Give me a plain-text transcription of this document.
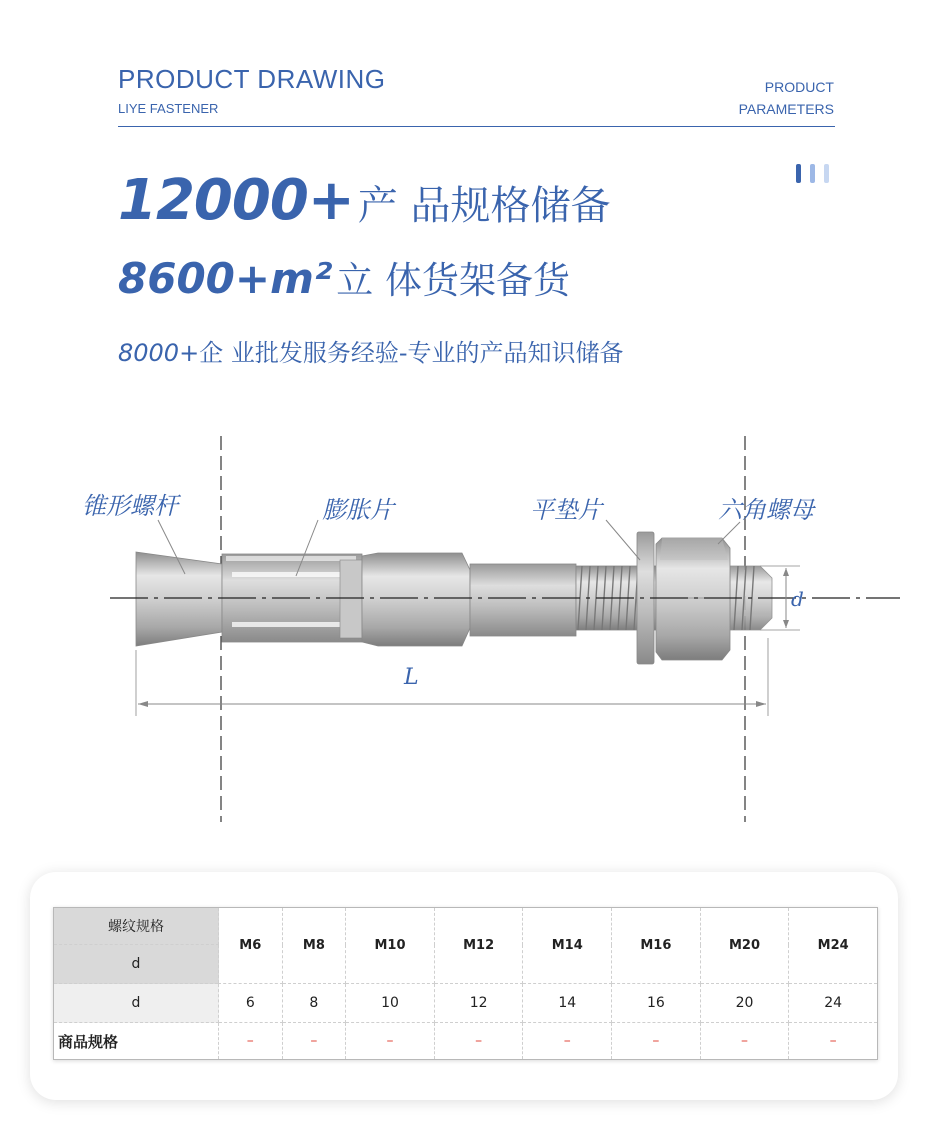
PRODUCT DRAWING
LIYE FASTENER
PRODUCT
PARAMETERS
12000+ 产 品规格储备
8600+m² 立 体货架备货
8000+企 业批发服务经验-专业的产品知识储备
锥形螺杆	膨胀片	平垫片	六角螺母
d
L
螺纹规格	M6	M8	M10	M12	M14	M16	M20	M24
d								
d	6	8	10	12	14	16	20	24
商品规格	–	–	–	–	–	–	–	–
